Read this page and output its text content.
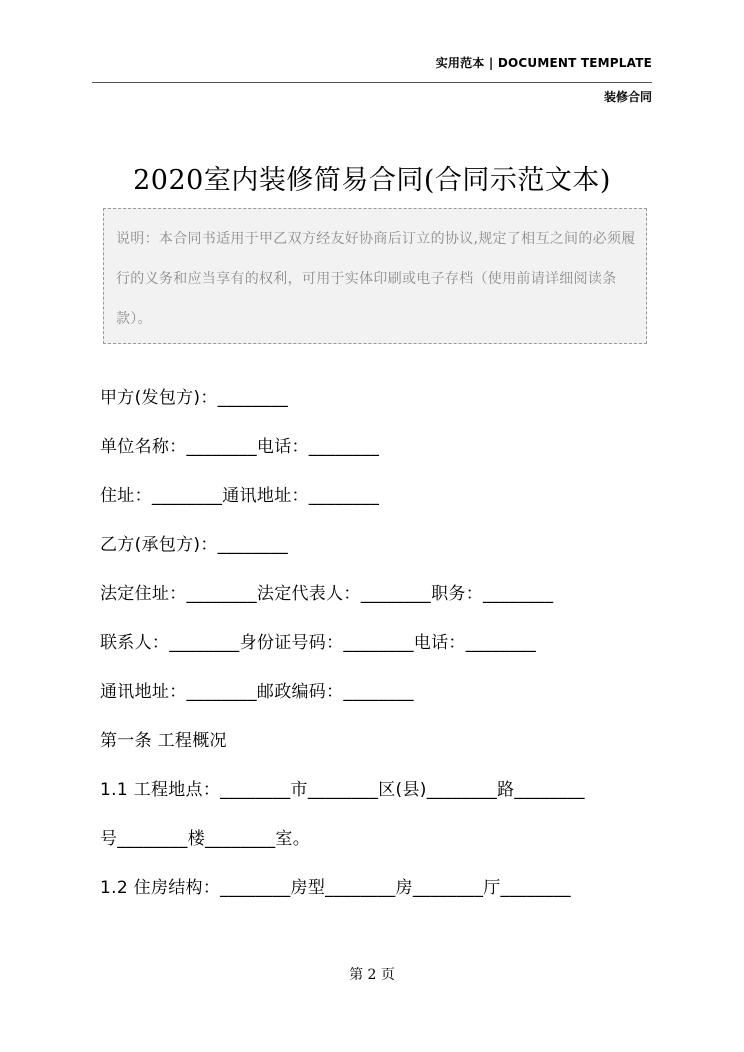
实用范本 | DOCUMENT TEMPLATE
装修合同
2020室内装修简易合同(合同示范文本)
说明：本合同书适用于甲乙双方经友好协商后订立的协议,规定了相互之间的必须履行的义务和应当享有的权利，可用于实体印刷或电子存档（使用前请详细阅读条款）。
甲方(发包方)：________
单位名称：________电话：________
住址：________通讯地址：________
乙方(承包方)：________
法定住址：________法定代表人：________职务：________
联系人：________身份证号码：________电话：________
通讯地址：________邮政编码：________
第一条 工程概况
1.1 工程地点：________市________区(县)________路________
号________楼________室。
1.2 住房结构：________房型________房________厅________
第 2 页
